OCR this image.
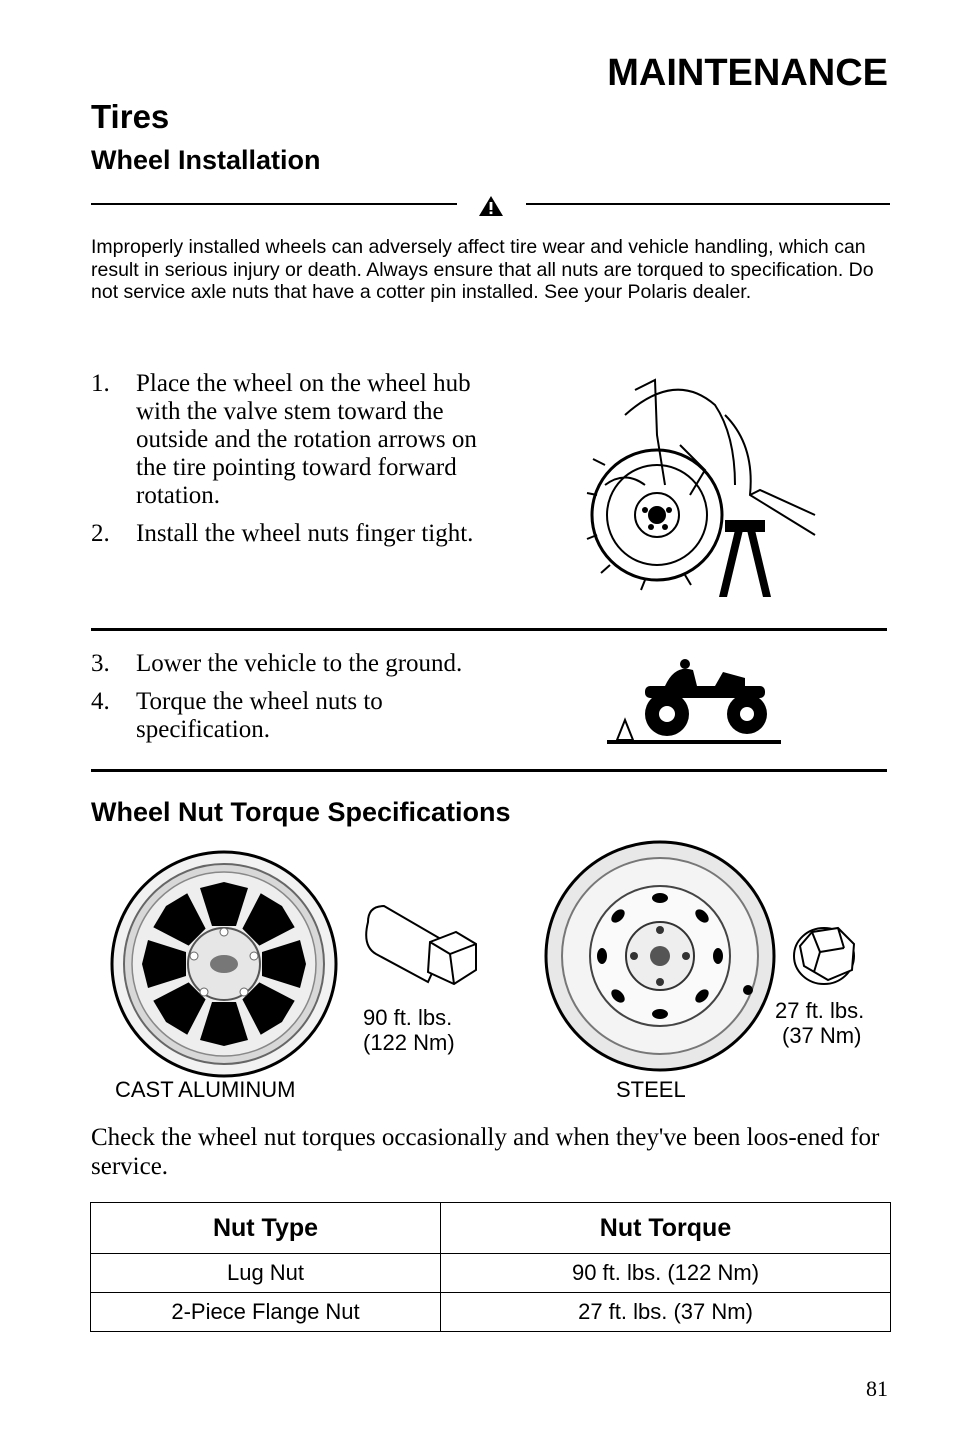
MAINTENANCE
Tires
Wheel Installation
Improperly installed wheels can adversely affect tire wear and vehicle handling, which can result in serious injury or death. Always ensure that all nuts are torqued to specification. Do not service axle nuts that have a cotter pin installed. See your Polaris dealer.
1.	Place the wheel on the wheel hub with the valve stem toward the outside and the rotation arrows on the tire pointing toward forward rotation.
2.	Install the wheel nuts finger tight.
3.	Lower the vehicle to the ground.
4.	Torque the wheel nuts to specification.
Wheel Nut Torque Specifications
90 ft. lbs.
(122 Nm)
CAST ALUMINUM
27 ft. lbs.
(37 Nm)
STEEL
Check the wheel nut torques occasionally and when they've been loos-ened for service.
Nut Type	Nut Torque
Lug Nut	90 ft. lbs. (122 Nm)
2-Piece Flange Nut	27 ft. lbs. (37 Nm)
81
